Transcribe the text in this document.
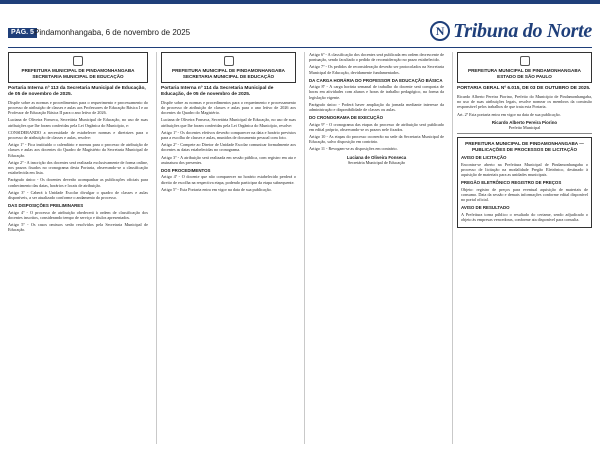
PÁG. 5 Pindamonhangaba, 6 de novembro de 2025	N Tribuna do Norte
PREFEITURA MUNICIPAL DE PINDAMONHANGABA
SECRETARIA MUNICIPAL DE EDUCAÇÃO
Portaria Interna nº 113 da Secretaria Municipal de Educação, de 05 de novembro de 2025.
Dispõe sobre as normas e procedimentos para o requerimento e processamento do processo de atribuição de classes e aulas aos Professores de Educação Básica I e ao Professor de Educação Básica II para o ano letivo de 2026.
Luciana de Oliveira Fonseca, Secretária Municipal de Educação, no uso de suas atribuições que lhe foram conferidas pela Lei Orgânica do Município, e:
CONSIDERANDO a necessidade de estabelecer normas e diretrizes para o processo de atribuição de classes e aulas, resolve:
Artigo 1º - Fica instituído o calendário e normas para o processo de atribuição de classes e aulas aos docentes do Quadro de Magistério da Secretaria Municipal de Educação.
Artigo 2º - A inscrição dos docentes será realizada exclusivamente de forma online, nos prazos fixados no cronograma desta Portaria, observando-se a classificação estabelecida em lista.
Parágrafo único - Os docentes deverão acompanhar as publicações oficiais para conhecimento das datas, horários e locais de atribuição.
Artigo 3º - Caberá à Unidade Escolar divulgar o quadro de classes e aulas disponíveis, a ser atualizado conforme o andamento do processo.
DAS DISPOSIÇÕES PRELIMINARES
Artigo 4º - O processo de atribuição obedecerá à ordem de classificação dos docentes inscritos, considerando tempo de serviço e títulos apresentados.
Artigo 5º - Os casos omissos serão resolvidos pela Secretaria Municipal de Educação.
PREFEITURA MUNICIPAL DE PINDAMONHANGABA
SECRETARIA MUNICIPAL DE EDUCAÇÃO
Portaria Interna nº 114 da Secretaria Municipal de Educação, de 05 de novembro de 2025.
Dispõe sobre as normas e procedimentos para o requerimento e processamento do processo de atribuição de classes e aulas para o ano letivo de 2026 aos docentes do Quadro do Magistério.
Luciana de Oliveira Fonseca, Secretária Municipal de Educação, no uso de suas atribuições que lhe foram conferidas pela Lei Orgânica do Município, resolve:
Artigo 1º - Os docentes efetivos deverão comparecer na data e horário previstos para a escolha de classes e aulas, munidos de documento pessoal com foto.
Artigo 2º - Compete ao Diretor de Unidade Escolar comunicar formalmente aos docentes as datas estabelecidas no cronograma.
Artigo 3º - A atribuição será realizada em sessão pública, com registro em ata e assinatura dos presentes.
DOS PROCEDIMENTOS
Artigo 4º - O docente que não comparecer no horário estabelecido perderá o direito de escolha na respectiva etapa, podendo participar da etapa subsequente.
Artigo 5º - Esta Portaria entra em vigor na data de sua publicação.
Artigo 6º - A classificação dos docentes será publicada em ordem decrescente de pontuação, sendo facultado o pedido de reconsideração no prazo estabelecido.
Artigo 7º - Os pedidos de reconsideração deverão ser protocolados na Secretaria Municipal de Educação, devidamente fundamentados.
DA CARGA HORÁRIA DO PROFESSOR DA EDUCAÇÃO BÁSICA
Artigo 8º - A carga horária semanal de trabalho do docente será composta de horas em atividades com alunos e horas de trabalho pedagógico, na forma da legislação vigente.
Parágrafo único - Poderá haver ampliação da jornada mediante interesse da administração e disponibilidade de classes ou aulas.
DO CRONOGRAMA DE EXECUÇÃO
Artigo 9º - O cronograma das etapas do processo de atribuição será publicado em edital próprio, observando-se os prazos nele fixados.
Artigo 10 - As etapas do processo ocorrerão na sede da Secretaria Municipal de Educação, salvo disposição em contrário.
Artigo 11 - Revogam-se as disposições em contrário.
Luciana de Oliveira Fonseca
Secretária Municipal de Educação
PREFEITURA MUNICIPAL DE PINDAMONHANGABA
ESTADO DE SÃO PAULO
PORTARIA GERAL Nº 6.015, DE 03 DE OUTUBRO DE 2025.
Ricardo Alberto Pereira Piorino, Prefeito do Município de Pindamonhangaba, no uso de suas atribuições legais, resolve nomear os membros da comissão responsável pelos trabalhos de que trata esta Portaria.
Art. 2º Esta portaria entra em vigor na data de sua publicação.
Ricardo Alberto Pereira Piorino
Prefeito Municipal
PREFEITURA MUNICIPAL DE PINDAMONHANGABA — PUBLICAÇÕES DE PROCESSOS DE LICITAÇÃO
AVISO DE LICITAÇÃO
Encontra-se aberto na Prefeitura Municipal de Pindamonhangaba o processo de licitação na modalidade Pregão Eletrônico, destinado à aquisição de materiais para as unidades municipais.
PREGÃO ELETRÔNICO REGISTRO DE PREÇOS
Objeto: registro de preços para eventual aquisição de materiais de consumo. Data da sessão e demais informações conforme edital disponível no portal oficial.
AVISO DE RESULTADO
A Prefeitura torna público o resultado do certame, sendo adjudicado o objeto às empresas vencedoras, conforme ata disponível para consulta.
